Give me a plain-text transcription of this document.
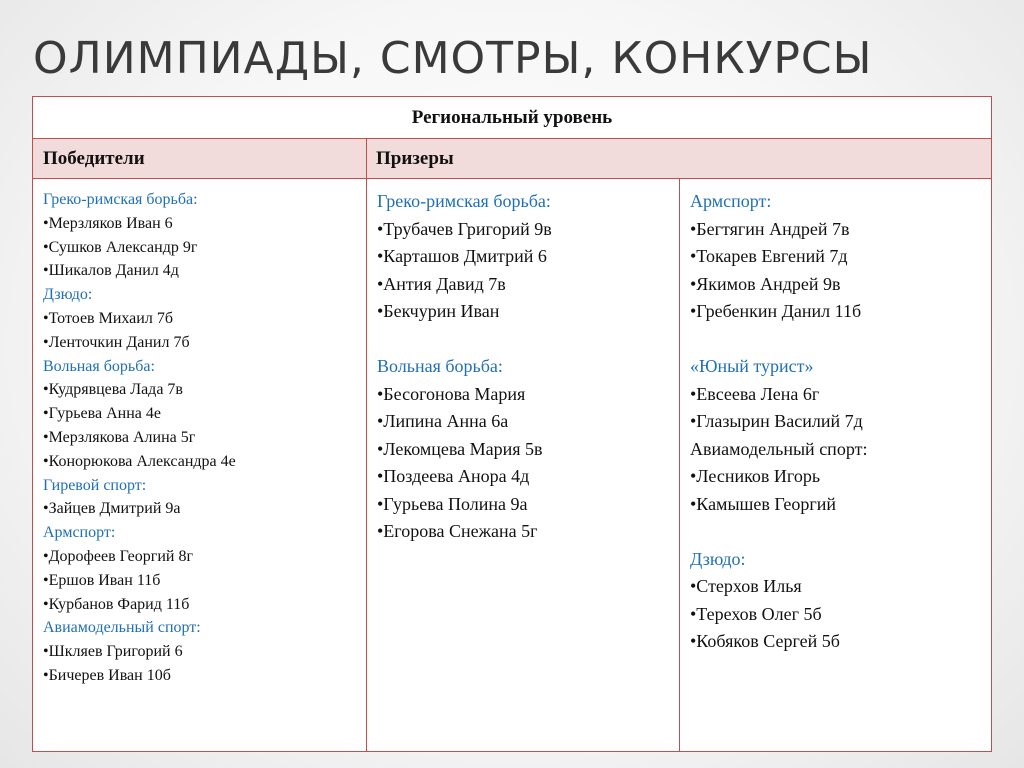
ОЛИМПИАДЫ, СМОТРЫ, КОНКУРСЫ
Региональный уровень
Победители	Призеры
Греко-римская борьба:
•Мерзляков Иван 6
•Сушков Александр 9г
•Шикалов Данил 4д
Дзюдо:
•Тотоев Михаил 7б
•Ленточкин Данил 7б
Вольная борьба:
•Кудрявцева Лада 7в
•Гурьева Анна 4е
•Мерзлякова Алина 5г
•Конорюкова Александра 4е
Гиревой спорт:
•Зайцев Дмитрий 9а
Армспорт:
•Дорофеев Георгий 8г
•Ершов Иван 11б
•Курбанов Фарид 11б
Авиамодельный спорт:
•Шкляев Григорий 6
•Бичерев Иван 10б
Греко-римская борьба:
•Трубачев Григорий 9в
•Карташов Дмитрий 6
•Антия Давид 7в
•Бекчурин Иван
Вольная борьба:
•Бесогонова Мария
•Липина Анна 6а
•Лекомцева Мария 5в
•Поздеева Анора 4д
•Гурьева Полина 9а
•Егорова Снежана 5г
Армспорт:
•Бегтягин Андрей 7в
•Токарев Евгений 7д
•Якимов Андрей 9в
•Гребенкин Данил 11б
«Юный турист»
•Евсеева Лена 6г
•Глазырин Василий 7д
Авиамодельный спорт:
•Лесников Игорь
•Камышев Георгий
Дзюдо:
•Стерхов Илья
•Терехов Олег 5б
•Кобяков Сергей 5б
